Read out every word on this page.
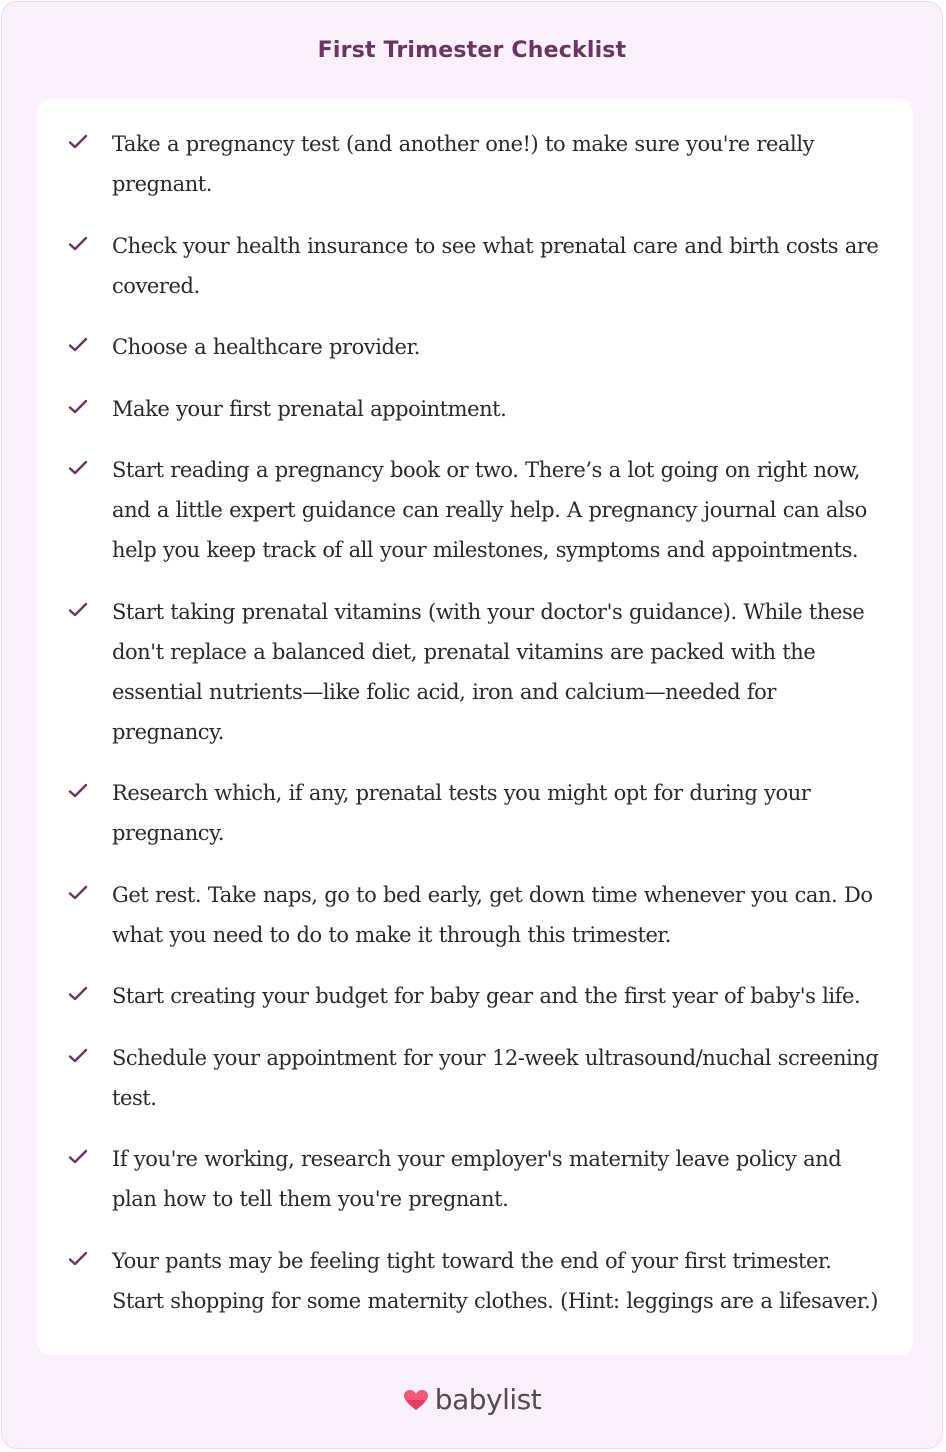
First Trimester Checklist
Take a pregnancy test (and another one!) to make sure you're really pregnant.
Check your health insurance to see what prenatal care and birth costs are covered.
Choose a healthcare provider.
Make your first prenatal appointment.
Start reading a pregnancy book or two. There’s a lot going on right now, and a little expert guidance can really help. A pregnancy journal can also help you keep track of all your milestones, symptoms and appointments.
Start taking prenatal vitamins (with your doctor's guidance). While these don't replace a balanced diet, prenatal vitamins are packed with the essential nutrients—like folic acid, iron and calcium—needed for pregnancy.
Research which, if any, prenatal tests you might opt for during your pregnancy.
Get rest. Take naps, go to bed early, get down time whenever you can. Do what you need to do to make it through this trimester.
Start creating your budget for baby gear and the first year of baby's life.
Schedule your appointment for your 12-week ultrasound/nuchal screening test.
If you're working, research your employer's maternity leave policy and plan how to tell them you're pregnant.
Your pants may be feeling tight toward the end of your first trimester. Start shopping for some maternity clothes. (Hint: leggings are a lifesaver.)
babylist
